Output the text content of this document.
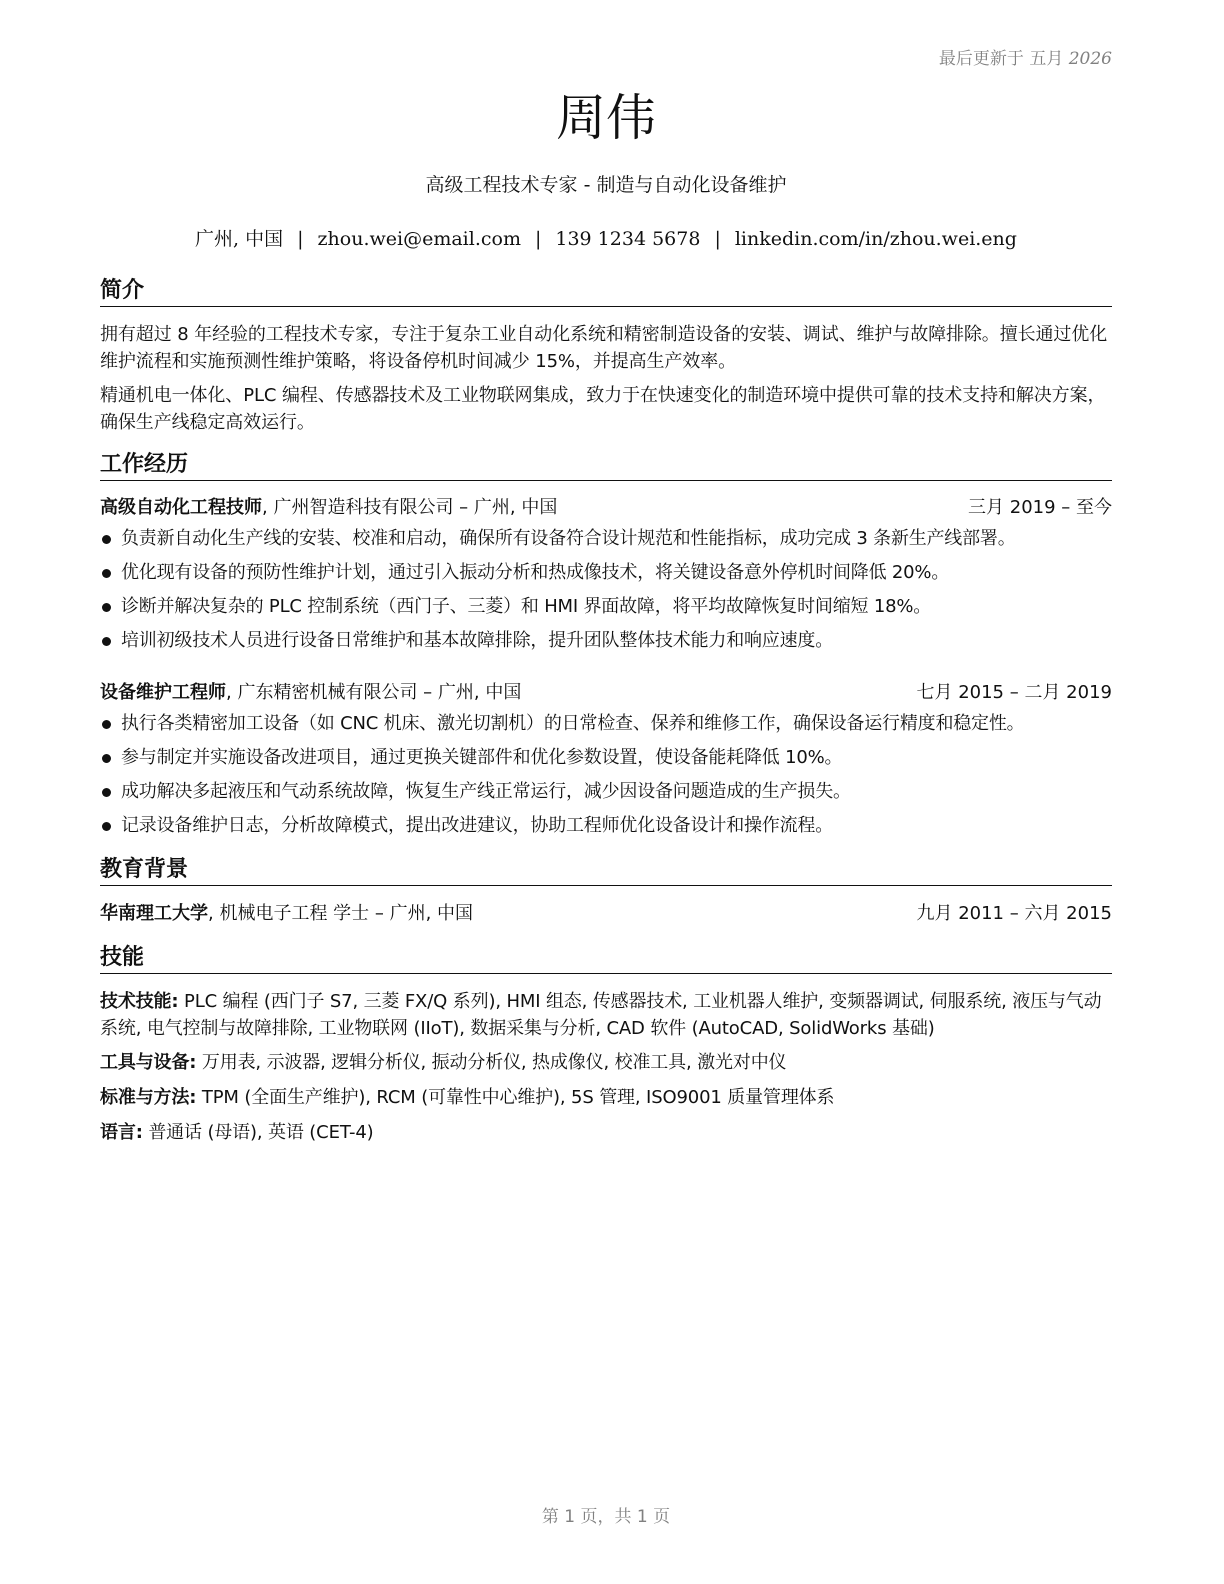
最后更新于 五月 2026
周伟
高级工程技术专家 - 制造与自动化设备维护
广州, 中国 | zhou.wei@email.com | 139 1234 5678 | linkedin.com/in/zhou.wei.eng
简介
拥有超过 8 年经验的工程技术专家，专注于复杂工业自动化系统和精密制造设备的安装、调试、维护与故障排除。擅长通过优化维护流程和实施预测性维护策略，将设备停机时间减少 15%，并提高生产效率。
精通机电一体化、PLC 编程、传感器技术及工业物联网集成，致力于在快速变化的制造环境中提供可靠的技术支持和解决方案，确保生产线稳定高效运行。
工作经历
高级自动化工程技师, 广州智造科技有限公司 – 广州, 中国	三月 2019 – 至今
负责新自动化生产线的安装、校准和启动，确保所有设备符合设计规范和性能指标，成功完成 3 条新生产线部署。
优化现有设备的预防性维护计划，通过引入振动分析和热成像技术，将关键设备意外停机时间降低 20%。
诊断并解决复杂的 PLC 控制系统（西门子、三菱）和 HMI 界面故障，将平均故障恢复时间缩短 18%。
培训初级技术人员进行设备日常维护和基本故障排除，提升团队整体技术能力和响应速度。
设备维护工程师, 广东精密机械有限公司 – 广州, 中国	七月 2015 – 二月 2019
执行各类精密加工设备（如 CNC 机床、激光切割机）的日常检查、保养和维修工作，确保设备运行精度和稳定性。
参与制定并实施设备改进项目，通过更换关键部件和优化参数设置，使设备能耗降低 10%。
成功解决多起液压和气动系统故障，恢复生产线正常运行，减少因设备问题造成的生产损失。
记录设备维护日志，分析故障模式，提出改进建议，协助工程师优化设备设计和操作流程。
教育背景
华南理工大学, 机械电子工程 学士 – 广州, 中国	九月 2011 – 六月 2015
技能
技术技能: PLC 编程 (西门子 S7, 三菱 FX/Q 系列), HMI 组态, 传感器技术, 工业机器人维护, 变频器调试, 伺服系统, 液压与气动系统, 电气控制与故障排除, 工业物联网 (IIoT), 数据采集与分析, CAD 软件 (AutoCAD, SolidWorks 基础)
工具与设备: 万用表, 示波器, 逻辑分析仪, 振动分析仪, 热成像仪, 校准工具, 激光对中仪
标准与方法: TPM (全面生产维护), RCM (可靠性中心维护), 5S 管理, ISO9001 质量管理体系
语言: 普通话 (母语), 英语 (CET-4)
第 1 页，共 1 页
